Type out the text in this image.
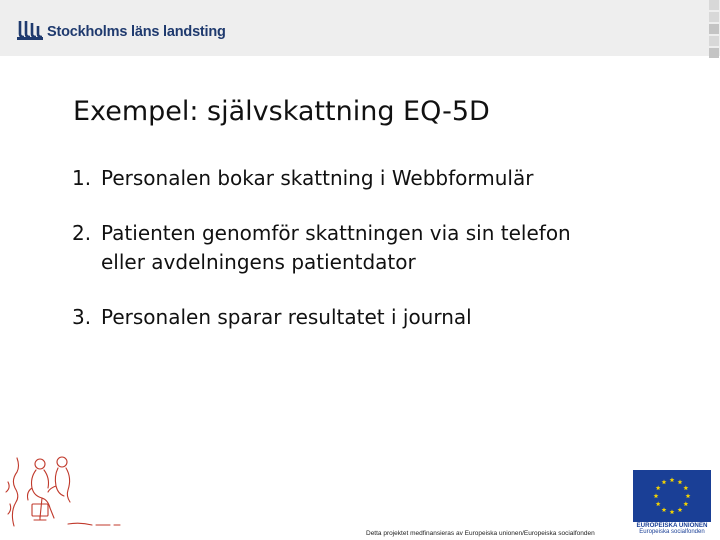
Stockholms läns landsting
Exempel: självskattning EQ-5D
1. Personalen bokar skattning i Webbformulär
2. Patienten genomför skattningen via sin telefon eller avdelningens patientdator
3. Personalen sparar resultatet i journal
Detta projektet medfinansieras av Europeiska unionen/Europeiska socialfonden
EUROPEISKA UNIONEN
Europeiska socialfonden
